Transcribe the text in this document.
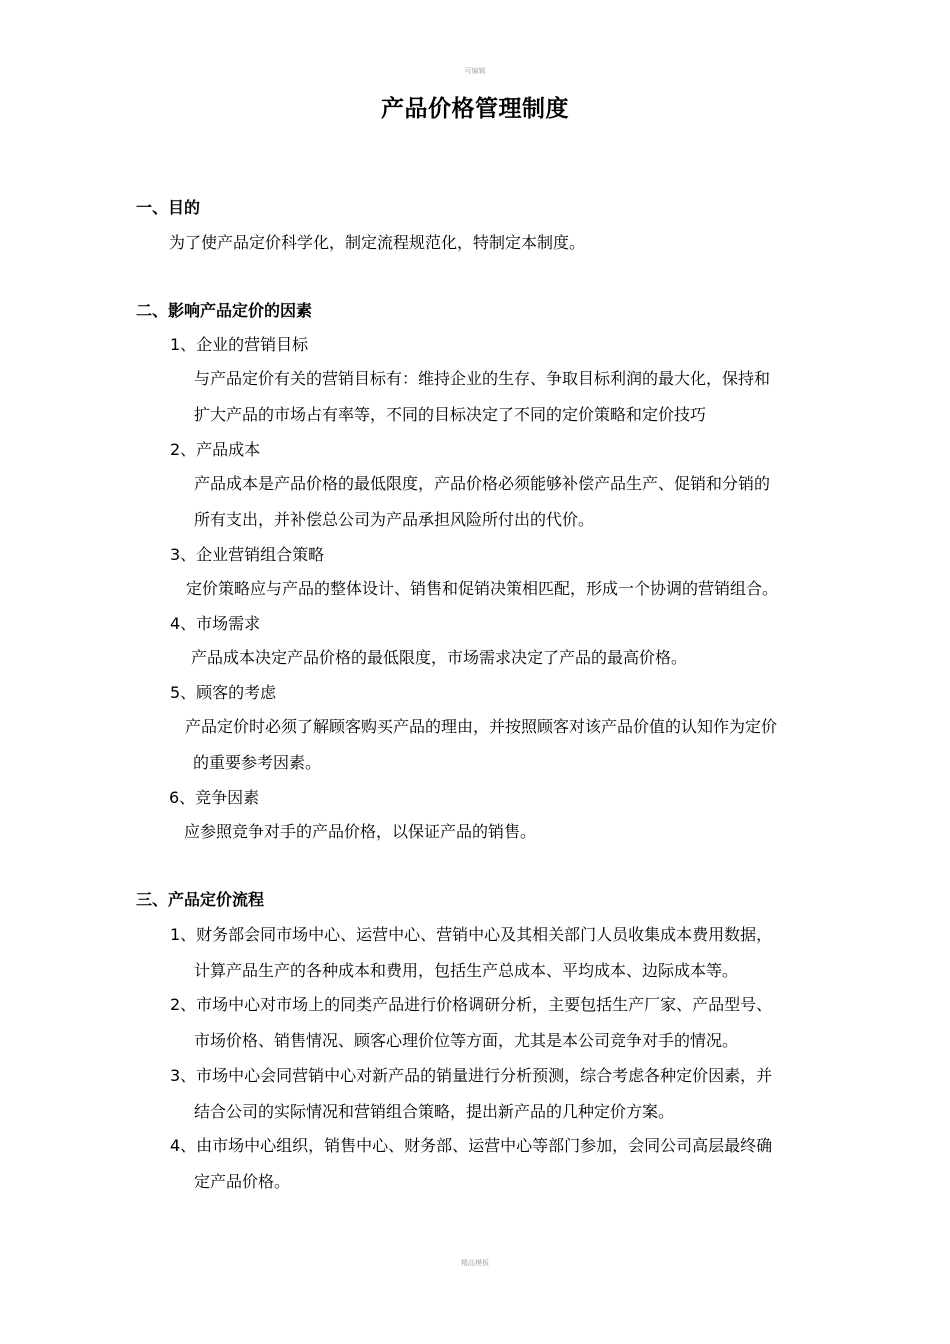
可编辑
产品价格管理制度
一、目的
为了使产品定价科学化，制定流程规范化，特制定本制度。
二、影响产品定价的因素
1、企业的营销目标
与产品定价有关的营销目标有：维持企业的生存、争取目标利润的最大化，保持和
扩大产品的市场占有率等，不同的目标决定了不同的定价策略和定价技巧
2、产品成本
产品成本是产品价格的最低限度，产品价格必须能够补偿产品生产、促销和分销的
所有支出，并补偿总公司为产品承担风险所付出的代价。
3、企业营销组合策略
定价策略应与产品的整体设计、销售和促销决策相匹配，形成一个协调的营销组合。
4、市场需求
产品成本决定产品价格的最低限度，市场需求决定了产品的最高价格。
5、顾客的考虑
产品定价时必须了解顾客购买产品的理由，并按照顾客对该产品价值的认知作为定价
的重要参考因素。
6、竞争因素
应参照竞争对手的产品价格，以保证产品的销售。
三、产品定价流程
1、财务部会同市场中心、运营中心、营销中心及其相关部门人员收集成本费用数据，
计算产品生产的各种成本和费用，包括生产总成本、平均成本、边际成本等。
2、市场中心对市场上的同类产品进行价格调研分析，主要包括生产厂家、产品型号、
市场价格、销售情况、顾客心理价位等方面，尤其是本公司竞争对手的情况。
3、市场中心会同营销中心对新产品的销量进行分析预测，综合考虑各种定价因素，并
结合公司的实际情况和营销组合策略，提出新产品的几种定价方案。
4、由市场中心组织，销售中心、财务部、运营中心等部门参加，会同公司高层最终确
定产品价格。
精品模板
